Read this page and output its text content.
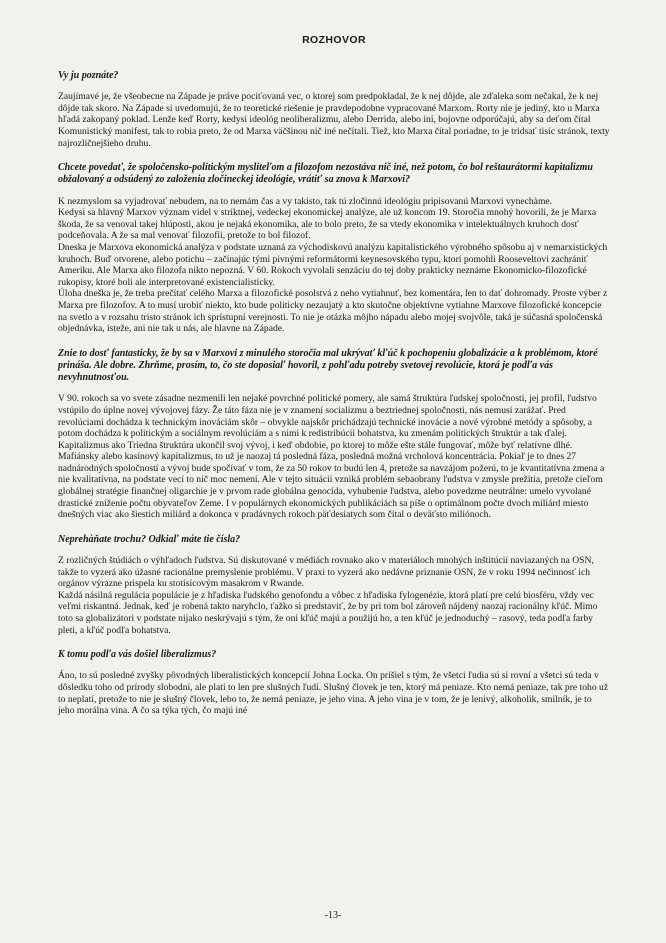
ROZHOVOR
Vy ju poznáte?

Zaujímavé je, že všeobecne na Západe je práve pociťovaná vec, o ktorej som predpokladal, že k nej dôjde, ale zďaleka som nečakal, že k nej dôjde tak skoro. Na Západe si uvedomujú, že to teoretické riešenie je pravdepodobne vypracované Marxom. Rorty nie je jediný, kto u Marxa hľadá zakopaný poklad. Lenže keď Rorty, kedysi ideológ neoliberalizmu, alebo Derrida, alebo iní, bojovne odporúčajú, aby sa deťom čítal Komunistický manifest, tak to robia preto, že od Marxa väčšinou nič iné nečítali. Tiež, kto Marxa čítal poriadne, to je tridsať tisíc stránok, texty najrozličnejšieho druhu.

Chcete povedať, že spoločensko-politickým mysliteľom a filozofom nezostáva nič iné, než potom, čo bol reštaurátormi kapitalizmu obžalovaný a odsúdený zo založenia zločineckej ideológie, vrátiť sa znova k Marxovi?

K nezmyslom sa vyjadrovať nebudem, na to nemám čas a vy takisto, tak tú zločinnú ideológiu pripisovanú Marxovi vynechàme.

Kedysi sa hlavný Marxov význam videl v striktnej, vedeckej ekonomickej analýze, ale už koncom 19. Storočia mnohý hovorili, že je Marxa škoda, že sa venoval takej hlúposti, akou je nejaká ekonomika, ale to bolo preto, že sa vtedy ekonomika v intelektuálnych kruhoch dosť podceňovala. A že sa mal venovať filozofii, pretože to bol filozof.

Dneska je Marxova ekonomická analýza v podstate uznaná za východiskovú analýzu kapitalistického výrobného spôsobu aj v nemarxistických kruhoch. Buď otvorene, alebo potichu – začínajúc tými pivnými reformátormi keynesovského typu, ktorí pomohli Rooseveltovi zachrániť Ameriku. Ale Marxa ako filozofa nikto nepozná. V 60. Rokoch vyvolali senzáciu do tej doby prakticky neznáme Ekonomicko-filozofické rukopisy, ktoré boli ale interpretované existencialisticky.

Úloha dneška je, že treba prečítať celého Marxa a filozofické posolstvá z neho vytiahnuť, bez komentára, len to dať dohromady. Proste výber z Marxa pre filozofov. A to musí urobiť niekto, kto bude politicky nezaujatý a kto skutočne objektívne vytiahne Marxove filozofické koncepcie na svetlo a v rozsahu tristo stránok ich sprístupní verejnosti. To nie je otázka môjho nápadu alebo mojej svojvôle, taká je súčasná spoločenská objednávka, isteže, ani nie tak u nás, ale hlavne na Západe.

Znie to dosť fantasticky, že by sa v Marxovi z minulého storočia mal ukrývať kľúč k pochopeniu globalizácie a k problémom, ktoré prináša. Ale dobre. Zhrňme, prosím, to, čo ste doposiaľ hovoril, z pohľadu potreby svetovej revolúcie, ktorá je podľa vás nevyhnutnosťou.

V 90. rokoch sa vo svete zásadne nezmenili len nejaké povrchné politické pomery, ale samá štruktúra ľudskej spoločnosti, jej profil, ľudstvo vstúpilo do úplne novej vývojovej fázy. Že táto fáza nie je v znamení socializmu a beztriednej spoločnosti, nás nemusí zarážať. Pred revolúciami dochádza k technickým inováciám skôr – obvykle najskôr prichádzajú technické inovácie a nové výrobné metódy a spôsoby, a potom dochádza k politickým a sociálnym revolúciám a s nimi k redistribúcii bohatstva, ku zmenám politických štruktúr a tak ďalej.

Kapitalizmus ako Triedna štruktúra ukončil svoj vývoj, i keď obdobie, po ktorej to môže ešte stále fungovať, môže byť relatívne dlhé. Mafiánsky alebo kasínový kapitalizmus, to už je naozaj tá posledná fáza, posledná možná vrcholová koncentrácia. Pokiaľ je to dnes 27 nadnárodných spoločností a vývoj bude spočívať v tom, že za 50 rokov to budú len 4, pretože sa navzájom požerú, to je kvantitatívna zmena a nie kvalitatívna, na podstate vecí to nič moc nemení. Ale v tejto situácii vzniká problém sebaobrany ľudstva v zmysle prežitia, pretože cieľom globálnej stratégie finančnej oligarchie je v prvom rade globálna genocída, vyhubenie ľudstva, alebo povedzme neutrálne: umelo vyvolané drastické zníženie počtu obyvateľov Zeme. I v populárnych ekonomických publikáciách sa píše o optimálnom počte dvoch miliárd miesto dnešných viac ako šiestich miliárd a dokonca v pradávnych rokoch päťdesiatych som čítal o deväťsto miliónoch.

Neprehàňate trochu? Odkiaľ máte tie čísla?

Z rozličných štúdiách o výhľadoch ľudstva. Sú diskutované v médiách rovnako ako v materiáloch mnohých inštitúcií naviazaných na OSN, takže to vyzerá ako úžasné racionálne premyslenie problému. V praxi to vyzerá ako nedávne priznanie OSN, že v roku 1994 nečinnosť ich orgánov výrazne prispela ku stotisícovým masakrom v Rwande.

Každá násilná regulácia populácie je z hľadiska ľudského genofondu a vôbec z hľadiska fylogenézie, ktorá platí pre celú biosféru, vždy vec veľmi riskantná. Jednak, keď je robená takto naryhclo, ťažko si predstaviť, že by pri tom bol zároveň nájdený naozaj racionálny kľúč. Mimo toto sa globalizátori v podstate nijako neskrývajú s tým, že oni kľúč majú a použijú ho, a ten kľúč je jednoduchý – rasový, teda podľa farby pleti, a kľúč podľa bohatstva.

K tomu podľa vás došiel liberalizmus?

Áno, to sú posledné zvyšky pôvodných liberalistických koncepcií Johna Locka. On prišiel s tým, že všetci ľudia sú si rovní a všetci sú teda v dôsledku toho od prírody slobodní, ale platí to len pre slušných ľudí. Slušný človek je ten, ktorý má peniaze. Kto nemá peniaze, tak pre toho už to neplatí, pretože to nie je slušný človek, lebo to, že nemá peniaze, je jeho vina. A jeho vina je v tom, že je lenivý, alkoholik, smilník, je to jeho morálna vina. A čo sa týka tých, čo majú iné

-13-
